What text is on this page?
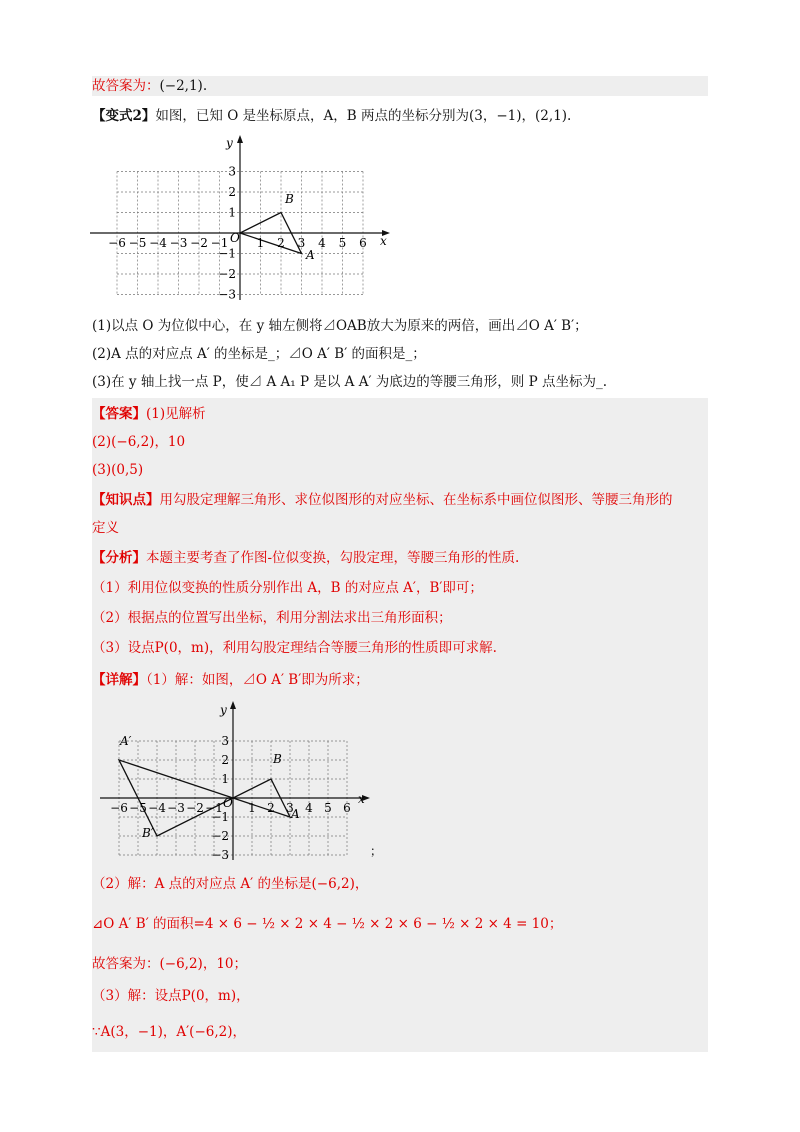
故答案为：(−2,1).
【变式2】如图，已知 O 是坐标原点，A，B 两点的坐标分别为(3，−1)，(2,1).
−6 −5 −4 −3 −2 −1 1 2 3 4 5 6
3
2
1
−1
−2
−3
x
y
O
A
B
(1)以点 O 为位似中心，在 y 轴左侧将⊿OAB放大为原来的两倍，画出⊿O A′ B′；
(2)A 点的对应点 A′ 的坐标是_；⊿O A′ B′ 的面积是_；
(3)在 y 轴上找一点 P，使⊿ A A₁ P 是以 A A′ 为底边的等腰三角形，则 P 点坐标为_.
【答案】(1)见解析
(2)(−6,2)，10
(3)(0,5)
【知识点】用勾股定理解三角形、求位似图形的对应坐标、在坐标系中画位似图形、等腰三角形的
定义
【分析】本题主要考查了作图-位似变换，勾股定理，等腰三角形的性质.
（1）利用位似变换的性质分别作出 A，B 的对应点 A′，B′即可；
（2）根据点的位置写出坐标，利用分割法求出三角形面积；
（3）设点P(0，m)，利用勾股定理结合等腰三角形的性质即可求解.
【详解】（1）解：如图，⊿O A′ B′即为所求；
−6 −5 −4 −3 −2 −1 1 2 3 4 5 6
3
2
1
−1
−2
−3
x
y
O
A
B
A′
B′
；
（2）解：A 点的对应点 A′ 的坐标是(−6,2)，
⊿O A′ B′ 的面积=4 × 6 − ½ × 2 × 4 − ½ × 2 × 6 − ½ × 2 × 4 = 10；
故答案为：(−6,2)，10；
（3）解：设点P(0，m)，
∵A(3，−1)，A′(−6,2)，
